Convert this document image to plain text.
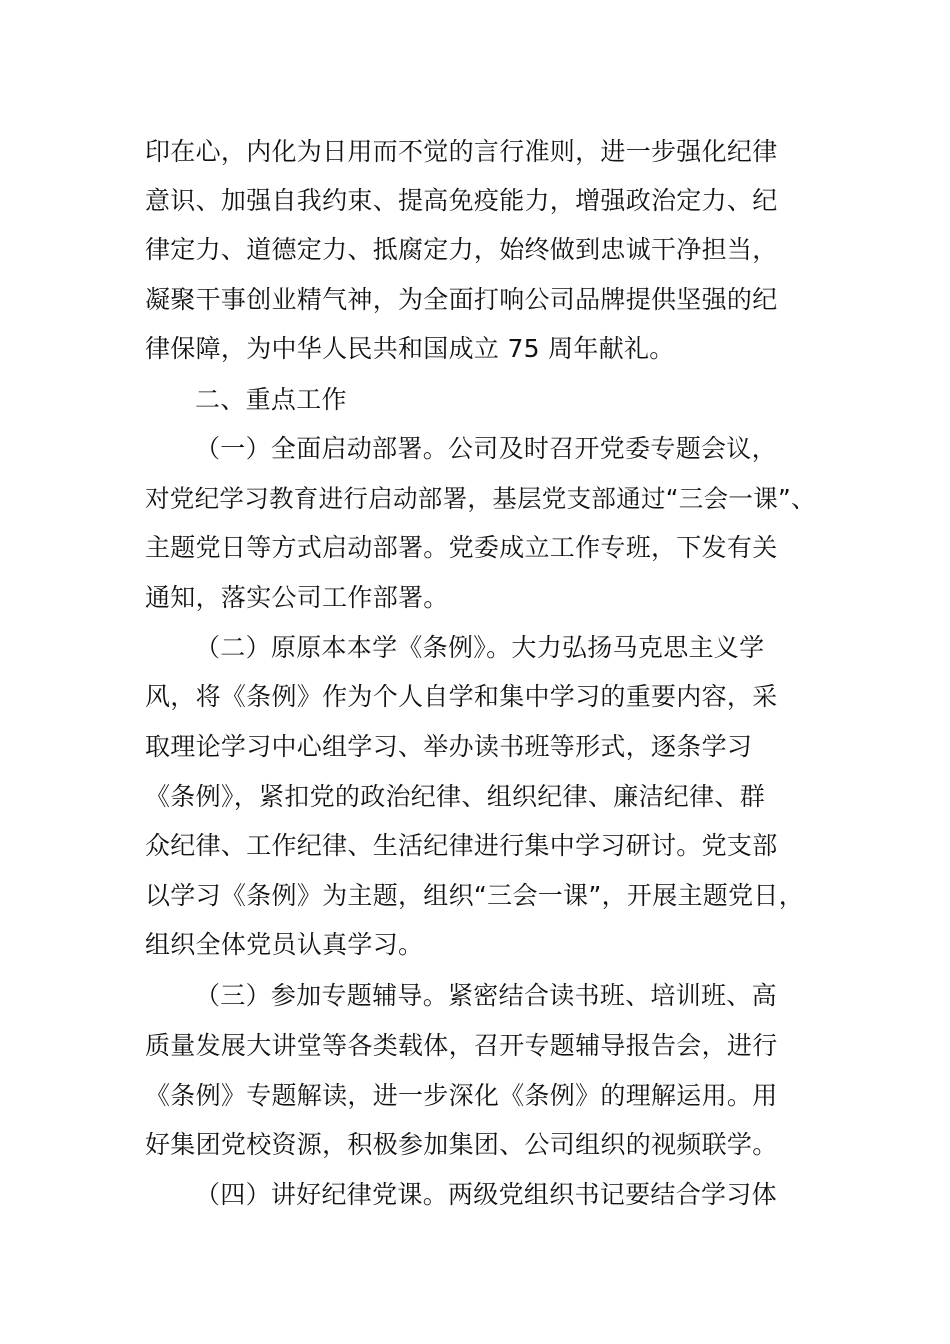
印在心，内化为日用而不觉的言行准则，进一步强化纪律
意识、加强自我约束、提高免疫能力，增强政治定力、纪
律定力、道德定力、抵腐定力，始终做到忠诚干净担当，
凝聚干事创业精气神，为全面打响公司品牌提供坚强的纪
律保障，为中华人民共和国成立 75 周年献礼。
二、重点工作
（一）全面启动部署。公司及时召开党委专题会议，
对党纪学习教育进行启动部署，基层党支部通过“三会一课”、
主题党日等方式启动部署。党委成立工作专班，下发有关
通知，落实公司工作部署。
（二）原原本本学《条例》。大力弘扬马克思主义学
风，将《条例》作为个人自学和集中学习的重要内容，采
取理论学习中心组学习、举办读书班等形式，逐条学习
《条例》，紧扣党的政治纪律、组织纪律、廉洁纪律、群
众纪律、工作纪律、生活纪律进行集中学习研讨。党支部
以学习《条例》为主题，组织“三会一课”，开展主题党日，
组织全体党员认真学习。
（三）参加专题辅导。紧密结合读书班、培训班、高
质量发展大讲堂等各类载体，召开专题辅导报告会，进行
《条例》专题解读，进一步深化《条例》的理解运用。用
好集团党校资源，积极参加集团、公司组织的视频联学。
（四）讲好纪律党课。两级党组织书记要结合学习体
